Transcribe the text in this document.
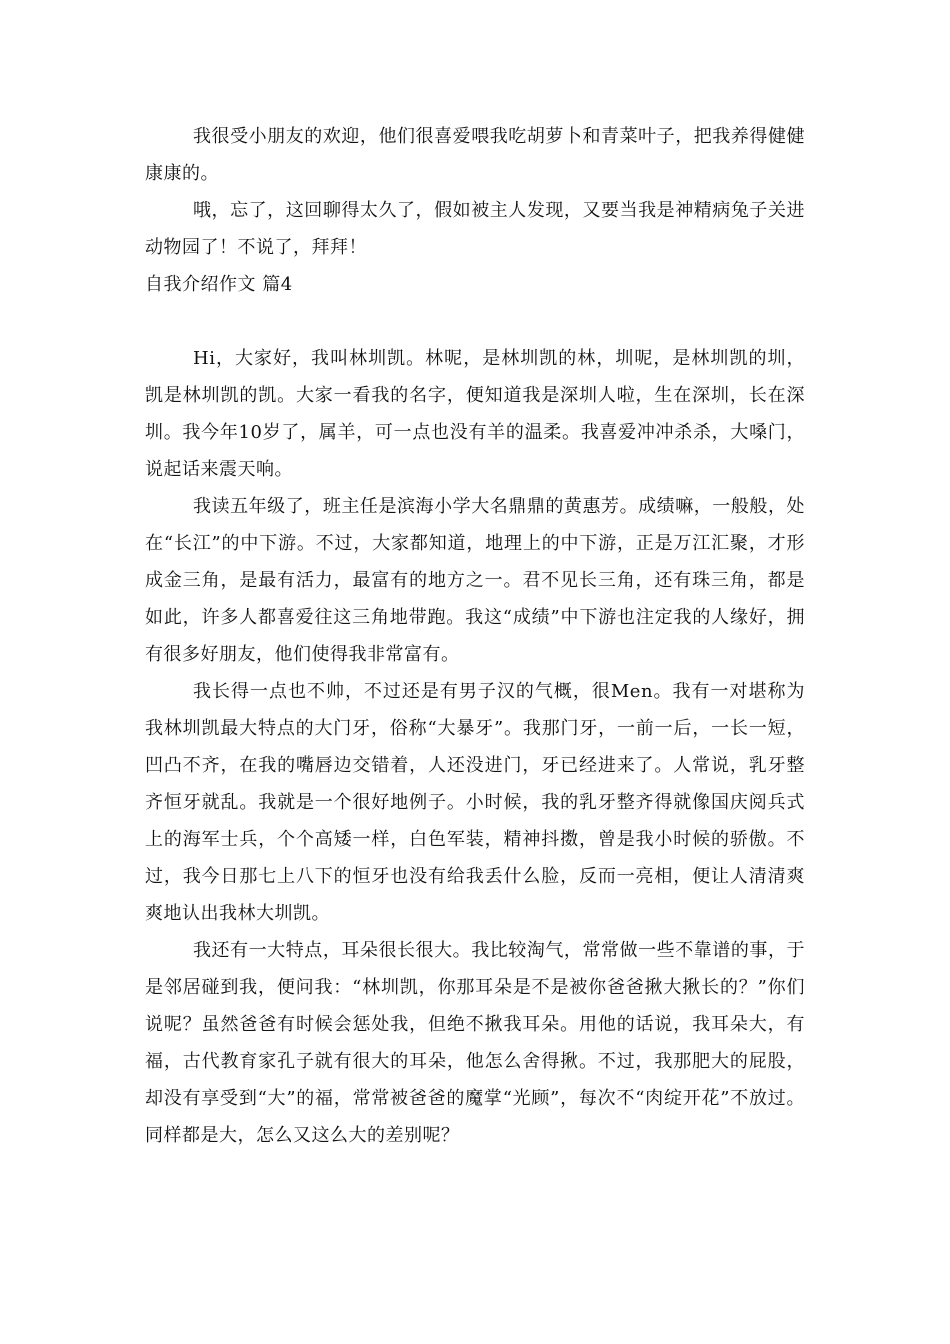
我很受小朋友的欢迎，他们很喜爱喂我吃胡萝卜和青菜叶子，把我养得健健康康的。

哦，忘了，这回聊得太久了，假如被主人发现，又要当我是神精病兔子关进动物园了！不说了，拜拜！

自我介绍作文 篇4

Hi，大家好，我叫林圳凯。林呢，是林圳凯的林，圳呢，是林圳凯的圳，凯是林圳凯的凯。大家一看我的名字，便知道我是深圳人啦，生在深圳，长在深圳。我今年10岁了，属羊，可一点也没有羊的温柔。我喜爱冲冲杀杀，大嗓门，说起话来震天响。

我读五年级了，班主任是滨海小学大名鼎鼎的黄惠芳。成绩嘛，一般般，处在“长江”的中下游。不过，大家都知道，地理上的中下游，正是万江汇聚，才形成金三角，是最有活力，最富有的地方之一。君不见长三角，还有珠三角，都是如此，许多人都喜爱往这三角地带跑。我这“成绩”中下游也注定我的人缘好，拥有很多好朋友，他们使得我非常富有。

我长得一点也不帅，不过还是有男子汉的气概，很Men。我有一对堪称为我林圳凯最大特点的大门牙，俗称“大暴牙”。我那门牙，一前一后，一长一短，凹凸不齐，在我的嘴唇边交错着，人还没进门，牙已经进来了。人常说，乳牙整齐恒牙就乱。我就是一个很好地例子。小时候，我的乳牙整齐得就像国庆阅兵式上的海军士兵，个个高矮一样，白色军装，精神抖擞，曾是我小时候的骄傲。不过，我今日那七上八下的恒牙也没有给我丢什么脸，反而一亮相，便让人清清爽爽地认出我林大圳凯。

我还有一大特点，耳朵很长很大。我比较淘气，常常做一些不靠谱的事，于是邻居碰到我，便问我：“林圳凯，你那耳朵是不是被你爸爸揪大揪长的？”你们说呢？虽然爸爸有时候会惩处我，但绝不揪我耳朵。用他的话说，我耳朵大，有福，古代教育家孔子就有很大的耳朵，他怎么舍得揪。不过，我那肥大的屁股，却没有享受到“大”的福，常常被爸爸的魔掌“光顾”，每次不“肉绽开花”不放过。同样都是大，怎么又这么大的差别呢？
